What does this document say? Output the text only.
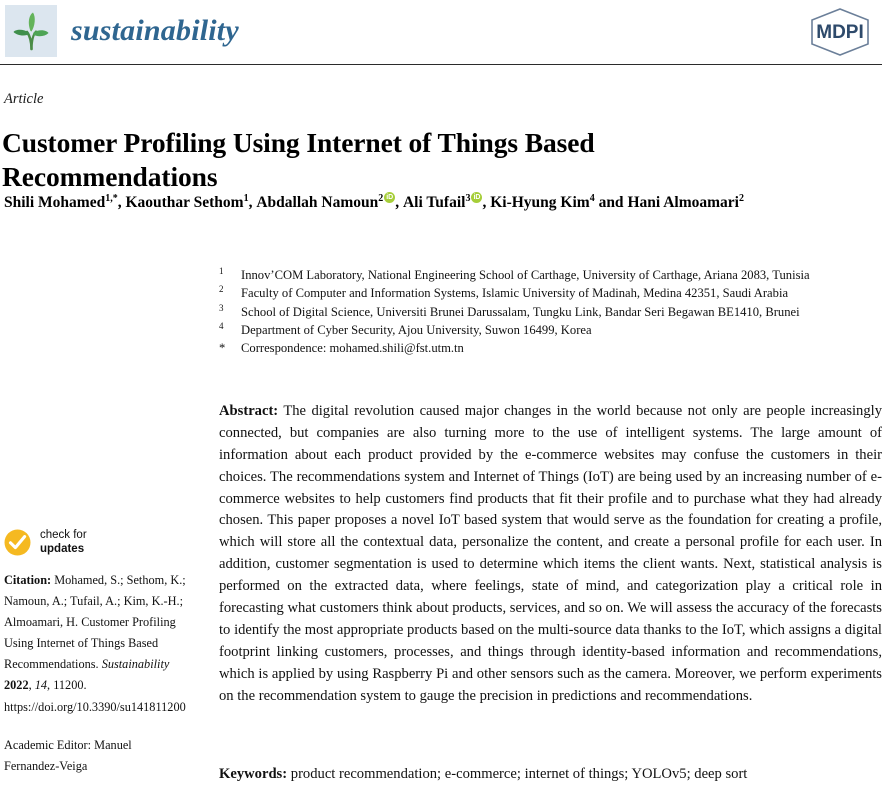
sustainability	MDPI
Article
Customer Profiling Using Internet of Things Based Recommendations
Shili Mohamed$^{1,*}$, Kaouthar Sethom$^1$, Abdallah Namoun$^2$ iD , Ali Tufail$^3$ iD , Ki-Hyung Kim$^4$ and Hani Almoamari$^2$
1	Innov’COM Laboratory, National Engineering School of Carthage, University of Carthage, Ariana 2083, Tunisia
2	Faculty of Computer and Information Systems, Islamic University of Madinah, Medina 42351, Saudi Arabia
3	School of Digital Science, Universiti Brunei Darussalam, Tungku Link, Bandar Seri Begawan BE1410, Brunei
4	Department of Cyber Security, Ajou University, Suwon 16499, Korea
*	Correspondence: mohamed.shili@fst.utm.tn
check for
updates
Citation: Mohamed, S.; Sethom, K.; Namoun, A.; Tufail, A.; Kim, K.-H.; Almoamari, H. Customer Profiling Using Internet of Things Based Recommendations. Sustainability 2022, 14, 11200. https://doi.org/10.3390/su141811200
Academic Editor: Manuel Fernandez-Veiga
Abstract: The digital revolution caused major changes in the world because not only are people increasingly connected, but companies are also turning more to the use of intelligent systems. The large amount of information about each product provided by the e-commerce websites may confuse the customers in their choices. The recommendations system and Internet of Things (IoT) are being used by an increasing number of e-commerce websites to help customers find products that fit their profile and to purchase what they had already chosen. This paper proposes a novel IoT based system that would serve as the foundation for creating a profile, which will store all the contextual data, personalize the content, and create a personal profile for each user. In addition, customer segmentation is used to determine which items the client wants. Next, statistical analysis is performed on the extracted data, where feelings, state of mind, and categorization play a critical role in forecasting what customers think about products, services, and so on. We will assess the accuracy of the forecasts to identify the most appropriate products based on the multi-source data thanks to the IoT, which assigns a digital footprint linking customers, processes, and things through identity-based information and recommendations, which is applied by using Raspberry Pi and other sensors such as the camera. Moreover, we perform experiments on the recommendation system to gauge the precision in predictions and recommendations.
Keywords: product recommendation; e-commerce; internet of things; YOLOv5; deep sort
